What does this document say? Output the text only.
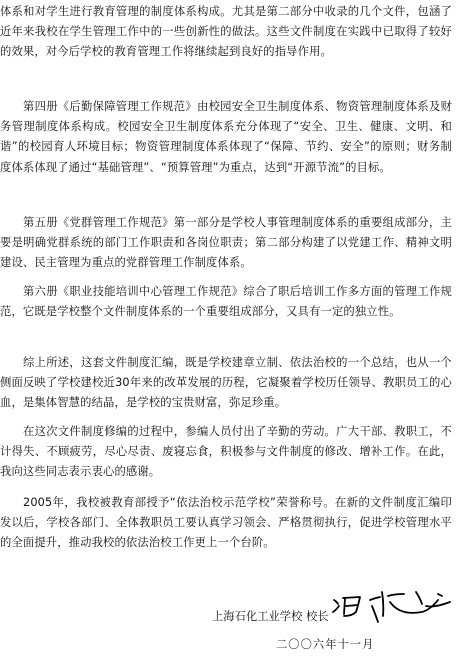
体系和对学生进行教育管理的制度体系构成。尤其是第二部分中收录的几个文件，包涵了近年来我校在学生管理工作中的一些创新性的做法。这些文件制度在实践中已取得了较好的效果，对今后学校的教育管理工作将继续起到良好的指导作用。

第四册《后勤保障管理工作规范》由校园安全卫生制度体系、物资管理制度体系及财务管理制度体系构成。校园安全卫生制度体系充分体现了“安全、卫生、健康、文明、和谐”的校园育人环境目标；物资管理制度体系体现了“保障、节约、安全”的原则；财务制度体系体现了通过“基础管理”、“预算管理”为重点，达到“开源节流”的目标。

第五册《党群管理工作规范》第一部分是学校人事管理制度体系的重要组成部分，主要是明确党群系统的部门工作职责和各岗位职责；第二部分构建了以党建工作、精神文明建设、民主管理为重点的党群管理工作制度体系。

第六册《职业技能培训中心管理工作规范》综合了职后培训工作多方面的管理工作规范，它既是学校整个文件制度体系的一个重要组成部分，又具有一定的独立性。

综上所述，这套文件制度汇编，既是学校建章立制、依法治校的一个总结，也从一个侧面反映了学校建校近30年来的改革发展的历程，它凝聚着学校历任领导、教职员工的心血，是集体智慧的结晶，是学校的宝贵财富，弥足珍重。

在这次文件制度修编的过程中，参编人员付出了辛勤的劳动。广大干部、教职工，不计得失、不顾疲劳，尽心尽责、废寝忘食，积极参与文件制度的修改、增补工作。在此，我向这些同志表示衷心的感谢。

2005年，我校被教育部授予“依法治校示范学校”荣誉称号。在新的文件制度汇编印发以后，学校各部门、全体教职员工要认真学习领会、严格贯彻执行，促进学校管理水平的全面提升，推动我校的依法治校工作更上一个台阶。

上海石化工业学校 校长
二〇〇六年十一月
